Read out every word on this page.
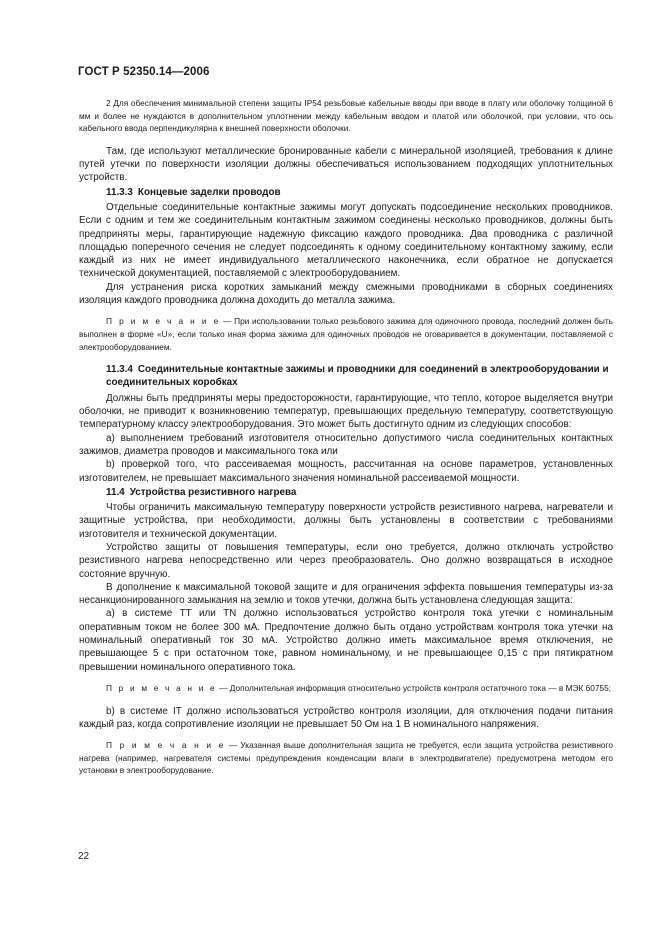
ГОСТ Р 52350.14—2006

2 Для обеспечения минимальной степени защиты IP54 резьбовые кабельные вводы при вводе в плату или оболочку толщиной 6 мм и более не нуждаются в дополнительном уплотнении между кабельным вводом и платой или оболочкой, при условии, что ось кабельного ввода перпендикулярна к внешней поверхности оболочки.

Там, где используют металлические бронированные кабели с минеральной изоляцией, требования к длине путей утечки по поверхности изоляции должны обеспечиваться использованием подходящих уплотнительных устройств.

11.3.3 Концевые заделки проводов

Отдельные соединительные контактные зажимы могут допускать подсоединение нескольких проводников. Если с одним и тем же соединительным контактным зажимом соединены несколько проводников, должны быть предприняты меры, гарантирующие надежную фиксацию каждого проводника. Два проводника с различной площадью поперечного сечения не следует подсоединять к одному соединительному контактному зажиму, если каждый из них не имеет индивидуального металлического наконечника, если обратное не допускается технической документацией, поставляемой с электрооборудованием.

Для устранения риска коротких замыканий между смежными проводниками в сборных соединениях изоляция каждого проводника должна доходить до металла зажима.

П р и м е ч а н и е — При использовании только резьбового зажима для одиночного провода, последний должен быть выполнен в форме «U», если только иная форма зажима для одиночных проводов не оговаривается в документации, поставляемой с электрооборудованием.

11.3.4 Соединительные контактные зажимы и проводники для соединений в электрооборудовании и соединительных коробках

Должны быть предприняты меры предосторожности, гарантирующие, что тепло, которое выделяется внутри оболочки, не приводит к возникновению температур, превышающих предельную температуру, соответствующую температурному классу электрооборудования. Это может быть достигнуто одним из следующих способов:

a) выполнением требований изготовителя относительно допустимого числа соединительных контактных зажимов, диаметра проводов и максимального тока или

b) проверкой того, что рассеиваемая мощность, рассчитанная на основе параметров, установленных изготовителем, не превышает максимального значения номинальной рассеиваемой мощности.

11.4 Устройства резистивного нагрева

Чтобы ограничить максимальную температуру поверхности устройств резистивного нагрева, нагреватели и защитные устройства, при необходимости, должны быть установлены в соответствии с требованиями изготовителя и технической документации.

Устройство защиты от повышения температуры, если оно требуется, должно отключать устройство резистивного нагрева непосредственно или через преобразователь. Оно должно возвращаться в исходное состояние вручную.

В дополнение к максимальной токовой защите и для ограничения эффекта повышения температуры из-за несанкционированного замыкания на землю и токов утечки, должна быть установлена следующая защита:

a) в системе ТТ или TN должно использоваться устройство контроля тока утечки с номинальным оперативным током не более 300 мА. Предпочтение должно быть отдано устройствам контроля тока утечки на номинальный оперативный ток 30 мА. Устройство должно иметь максимальное время отключения, не превышающее 5 с при остаточном токе, равном номинальному, и не превышающее 0,15 с при пятикратном превышении номинального оперативного тока.

П р и м е ч а н и е — Дополнительная информация относительно устройств контроля остаточного тока — в МЭК 60755;

b) в системе IT должно использоваться устройство контроля изоляции, для отключения подачи питания каждый раз, когда сопротивление изоляции не превышает 50 Ом на 1 В номинального напряжения.

П р и м е ч а н и е — Указанная выше дополнительная защита не требуется, если защита устройства резистивного нагрева (например, нагревателя системы предупреждения конденсации влаги в электродвигателе) предусмотрена методом его установки в электрооборудование.

22
